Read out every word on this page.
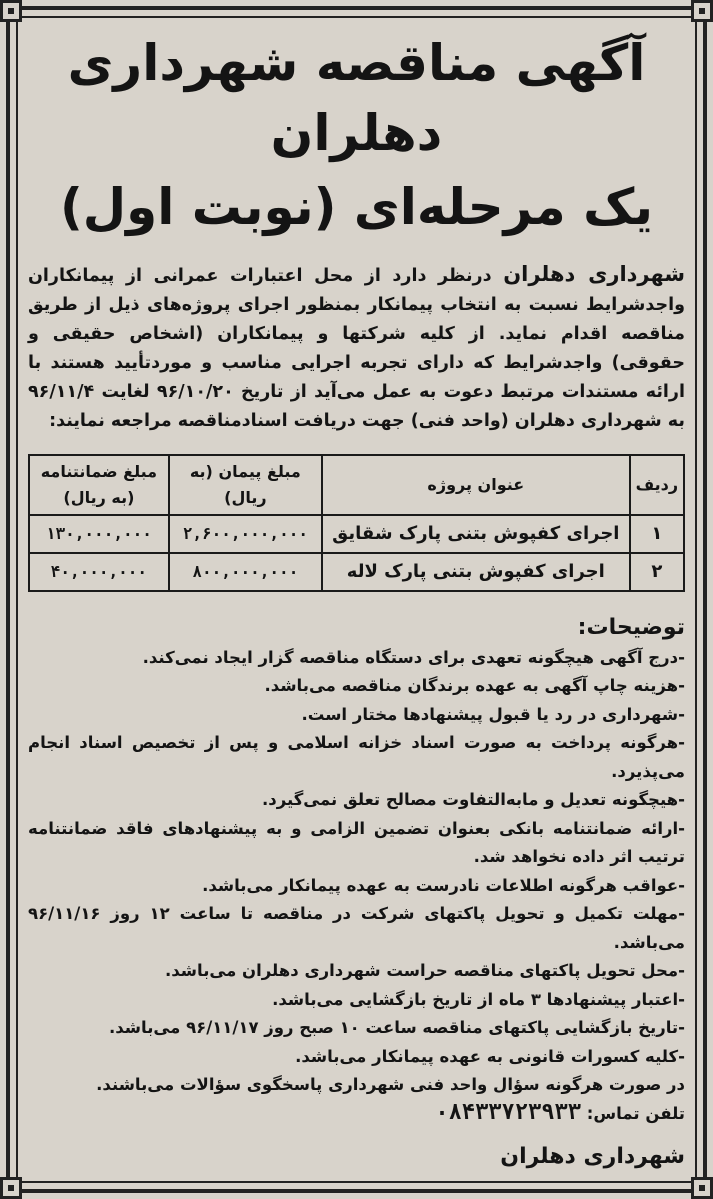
آگهی مناقصه شهرداری دهلران
یک مرحله‌ای (نوبت اول)

شهرداری دهلران درنظر دارد از محل اعتبارات عمرانی از پیمانکاران واجدشرایط نسبت به انتخاب پیمانکار بمنظور اجرای پروژه‌های ذیل از طریق مناقصه اقدام نماید. از کلیه شرکتها و پیمانکاران (اشخاص حقیقی و حقوقی) واجدشرایط که دارای تجربه اجرایی مناسب و موردتأیید هستند با ارائه مستندات مرتبط دعوت به عمل می‌آید از تاریخ ۹۶/۱۰/۲۰ لغایت ۹۶/۱۱/۴ به شهرداری دهلران (واحد فنی) جهت دریافت اسنادمناقصه مراجعه نمایند:

ردیف	عنوان پروژه	مبلغ پیمان (به ریال)	مبلغ ضمانتنامه (به ریال)
۱	اجرای کفپوش بتنی پارک شقایق	۲,۶۰۰,۰۰۰,۰۰۰	۱۳۰,۰۰۰,۰۰۰
۲	اجرای کفپوش بتنی پارک لاله	۸۰۰,۰۰۰,۰۰۰	۴۰,۰۰۰,۰۰۰
توضیحات:
- درج آگهی هیچگونه تعهدی برای دستگاه مناقصه گزار ایجاد نمی‌کند.
- هزینه چاپ آگهی به عهده برندگان مناقصه می‌باشد.
- شهرداری در رد یا قبول پیشنهادها مختار است.
- هرگونه پرداخت به صورت اسناد خزانه اسلامی و پس از تخصیص اسناد انجام می‌پذیرد.
- هیچگونه تعدیل و مابه‌التفاوت مصالح تعلق نمی‌گیرد.
- ارائه ضمانتنامه بانکی بعنوان تضمین الزامی و به پیشنهادهای فاقد ضمانتنامه ترتیب اثر داده نخواهد شد.
- عواقب هرگونه اطلاعات نادرست به عهده پیمانکار می‌باشد.
- مهلت تکمیل و تحویل پاکتهای شرکت در مناقصه تا ساعت ۱۲ روز ۹۶/۱۱/۱۶ می‌باشد.
- محل تحویل پاکتهای مناقصه حراست شهرداری دهلران می‌باشد.
- اعتبار پیشنهادها ۳ ماه از تاریخ بازگشایی می‌باشد.
- تاریخ بازگشایی پاکتهای مناقصه ساعت ۱۰ صبح روز ۹۶/۱۱/۱۷ می‌باشد.
- کلیه کسورات قانونی به عهده پیمانکار می‌باشد.
در صورت هرگونه سؤال واحد فنی شهرداری پاسخگوی سؤالات می‌باشند.
تلفن تماس: ۰۸۴۳۳۷۲۳۹۳۳
شهرداری دهلران
